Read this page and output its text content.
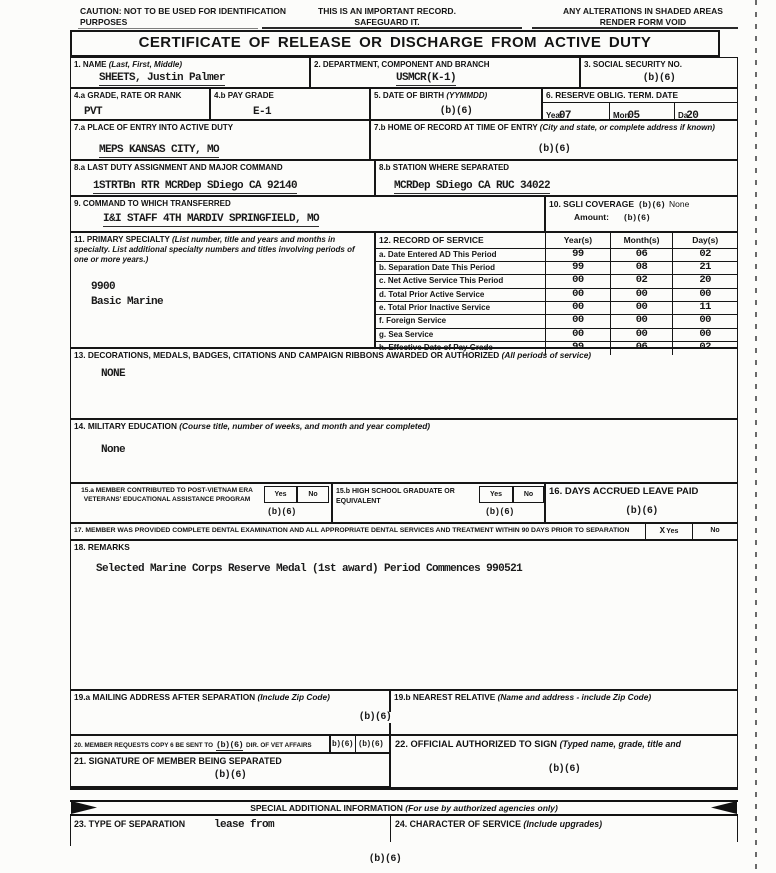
CAUTION: NOT TO BE USED FOR IDENTIFICATION PURPOSES
THIS IS AN IMPORTANT RECORD.
SAFEGUARD IT.
ANY ALTERATIONS IN SHADED AREAS RENDER FORM VOID
CERTIFICATE OF RELEASE OR DISCHARGE FROM ACTIVE DUTY
1. NAME (Last, First, Middle)
SHEETS, Justin Palmer
2. DEPARTMENT, COMPONENT AND BRANCH
USMCR(K-1)
3. SOCIAL SECURITY NO.
(b)(6)
4.a GRADE, RATE OR RANK
PVT
4.b PAY GRADE
E-1
5. DATE OF BIRTH (YYMMDD)
(b)(6)
6. RESERVE OBLIG. TERM. DATE
Year07	Mon05	Da20
7.a PLACE OF ENTRY INTO ACTIVE DUTY
MEPS KANSAS CITY, MO
7.b HOME OF RECORD AT TIME OF ENTRY (City and state, or complete address if known)
(b)(6)
8.a LAST DUTY ASSIGNMENT AND MAJOR COMMAND
1STRTBn RTR MCRDep SDiego CA 92140
8.b STATION WHERE SEPARATED
MCRDep SDiego CA RUC 34022
9. COMMAND TO WHICH TRANSFERRED
I&I STAFF 4TH MARDIV SPRINGFIELD, MO
10. SGLI COVERAGE (b)(6) None
Amount: (b)(6)
11. PRIMARY SPECIALTY (List number, title and years and months in specialty. List additional specialty numbers and titles involving periods of one or more years.)
9900
Basic Marine
12. RECORD OF SERVICE	Year(s)	Month(s)	Day(s)
a. Date Entered AD This Period	99	06	02
b. Separation Date This Period	99	08	21
c. Net Active Service This Period	00	02	20
d. Total Prior Active Service	00	00	00
e. Total Prior Inactive Service	00	00	11
f. Foreign Service	00	00	00
g. Sea Service	00	00	00
h. Effective Date of Pay Grade	99	06	02
13. DECORATIONS, MEDALS, BADGES, CITATIONS AND CAMPAIGN RIBBONS AWARDED OR AUTHORIZED (All periods of service)
NONE
14. MILITARY EDUCATION (Course title, number of weeks, and month and year completed)
None
15.a MEMBER CONTRIBUTED TO POST-VIETNAM ERA VETERANS' EDUCATIONAL ASSISTANCE PROGRAM
Yes	No
(b)(6)
15.b HIGH SCHOOL GRADUATE OR EQUIVALENT
Yes	No
(b)(6)
16. DAYS ACCRUED LEAVE PAID
(b)(6)
17. MEMBER WAS PROVIDED COMPLETE DENTAL EXAMINATION AND ALL APPROPRIATE DENTAL SERVICES AND TREATMENT WITHIN 90 DAYS PRIOR TO SEPARATION	X Yes	No
18. REMARKS
Selected Marine Corps Reserve Medal (1st award) Period Commences 990521
19.a MAILING ADDRESS AFTER SEPARATION (Include Zip Code)	19.b NEAREST RELATIVE (Name and address - include Zip Code)
(b)(6)
20. MEMBER REQUESTS COPY 6 BE SENT TO (b)(6) DIR. OF VET AFFAIRS	b)(6) (b)(6)	22. OFFICIAL AUTHORIZED TO SIGN (Typed name, grade, title and
(b)(6)
21. SIGNATURE OF MEMBER BEING SEPARATED
(b)(6)
SPECIAL ADDITIONAL INFORMATION (For use by authorized agencies only)
23. TYPE OF SEPARATION	lease from	24. CHARACTER OF SERVICE (Include upgrades)
(b)(6)
